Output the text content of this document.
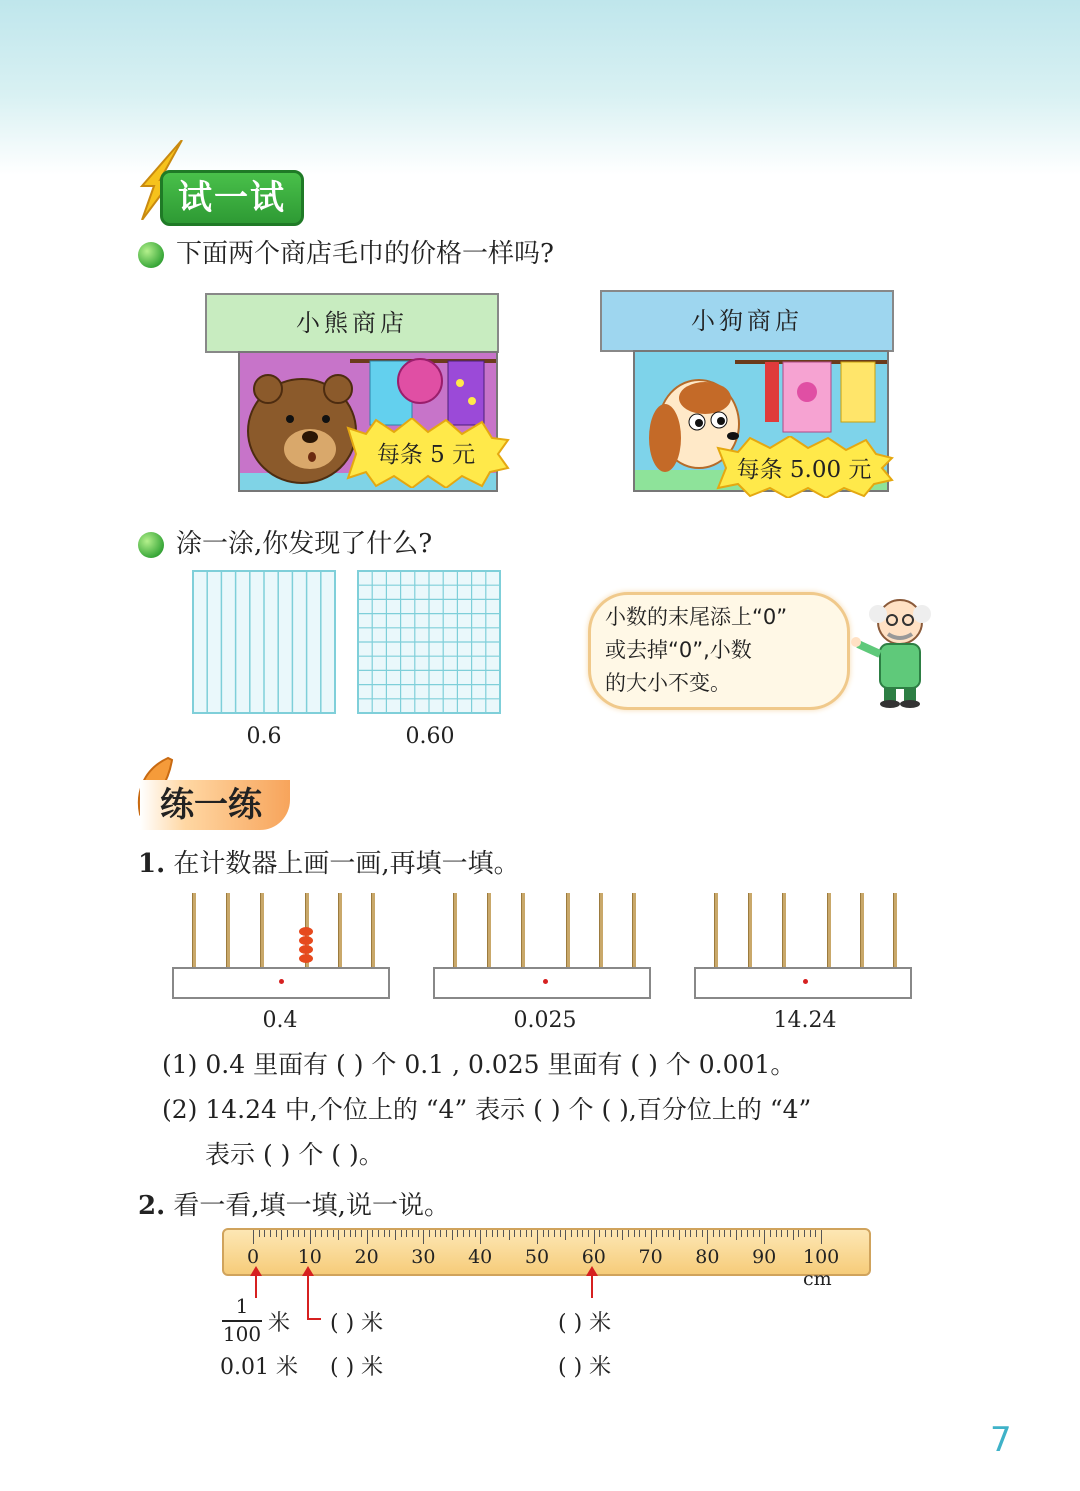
试一试
下面两个商店毛巾的价格一样吗?
小熊商店
每条 5 元
小狗商店
每条 5.00 元
涂一涂,你发现了什么?
0.6	0.60
小数的末尾添上“0”
或去掉“0”,小数
的大小不变。
练一练
1. 在计数器上画一画,再填一填。
0.4	0.025	14.24
(1) 0.4 里面有 ( ) 个 0.1 , 0.025 里面有 ( ) 个 0.001。
(2) 14.24 中,个位上的 “4” 表示 ( ) 个 ( ),百分位上的 “4”
表示 ( ) 个 ( )。
2. 看一看,填一填,说一说。
0	10	20	30	40	50	60	70	80	90	100 cm
1
100 米
0.01 米
( ) 米
( ) 米
( ) 米
( ) 米
7
